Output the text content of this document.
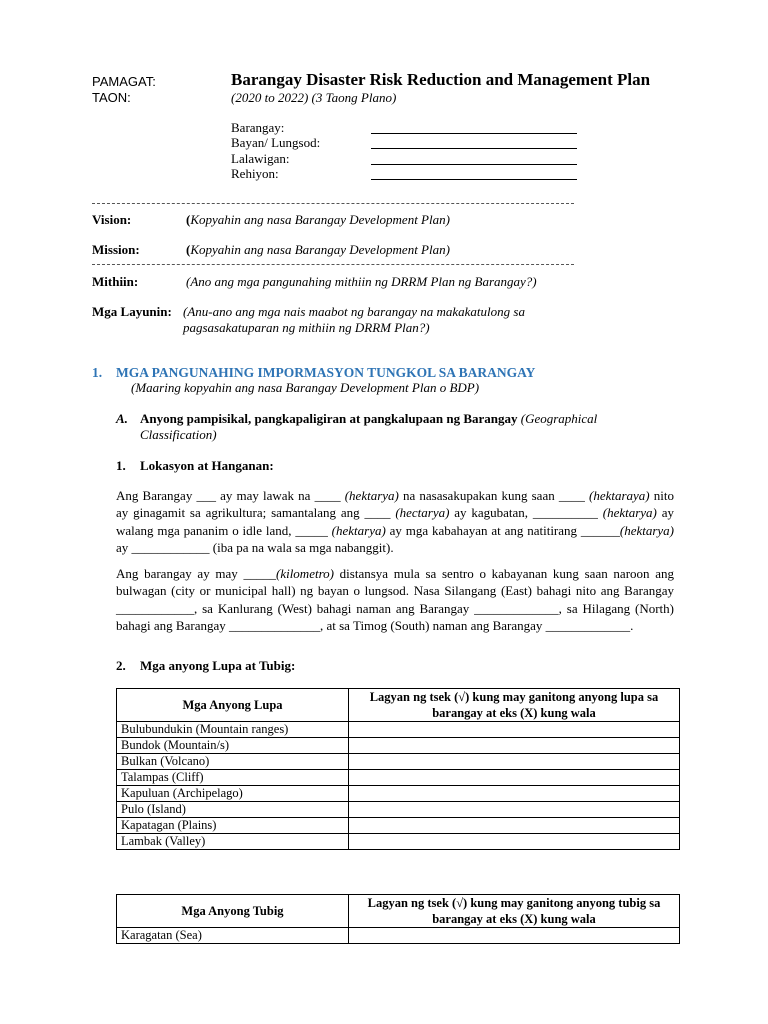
PAMAGAT:
TAON:
Barangay Disaster Risk Reduction and Management Plan
(2020 to 2022) (3 Taong Plano)
Barangay:
Bayan/ Lungsod:
Lalawigan:
Rehiyon:
Vision:	(Kopyahin ang nasa Barangay Development Plan)
Mission:	(Kopyahin ang nasa Barangay Development Plan)
Mithiin:	(Ano ang mga pangunahing mithiin ng DRRM Plan ng Barangay?)
Mga Layunin: (Anu-ano ang mga nais maabot ng barangay na makakatulong sa
pagsasakatuparan ng mithiin ng DRRM Plan?)
1. MGA PANGUNAHING IMPORMASYON TUNGKOL SA BARANGAY
(Maaring kopyahin ang nasa Barangay Development Plan o BDP)
A. Anyong pampisikal, pangkapaligiran at pangkalupaan ng Barangay (Geographical
Classification)
1. Lokasyon at Hanganan:
Ang Barangay ___ ay may lawak na ____ (hektarya) na nasasakupakan kung saan ____ (hektaraya) nito ay ginagamit sa agrikultura; samantalang ang ____ (hectarya) ay kagubatan, __________ (hektarya) ay walang mga pananim o idle land, _____ (hektarya) ay mga kabahayan at ang natitirang ______(hektarya) ay ____________ (iba pa na wala sa mga nabanggit).
Ang barangay ay may _____(kilometro) distansya mula sa sentro o kabayanan kung saan naroon ang bulwagan (city or municipal hall) ng bayan o lungsod. Nasa Silangang (East) bahagi nito ang Barangay ____________, sa Kanlurang (West) bahagi naman ang Barangay _____________, sa Hilagang (North) bahagi ang Barangay ______________, at sa Timog (South) naman ang Barangay _____________.
2. Mga anyong Lupa at Tubig:
Mga Anyong Lupa	Lagyan ng tsek (√) kung may ganitong anyong lupa sa barangay at eks (X) kung wala
Bulubundukin (Mountain ranges)	
Bundok (Mountain/s)	
Bulkan (Volcano)	
Talampas (Cliff)	
Kapuluan (Archipelago)	
Pulo (Island)	
Kapatagan (Plains)	
Lambak (Valley)	
Mga Anyong Tubig	Lagyan ng tsek (√) kung may ganitong anyong tubig sa barangay at eks (X) kung wala
Karagatan (Sea)	
